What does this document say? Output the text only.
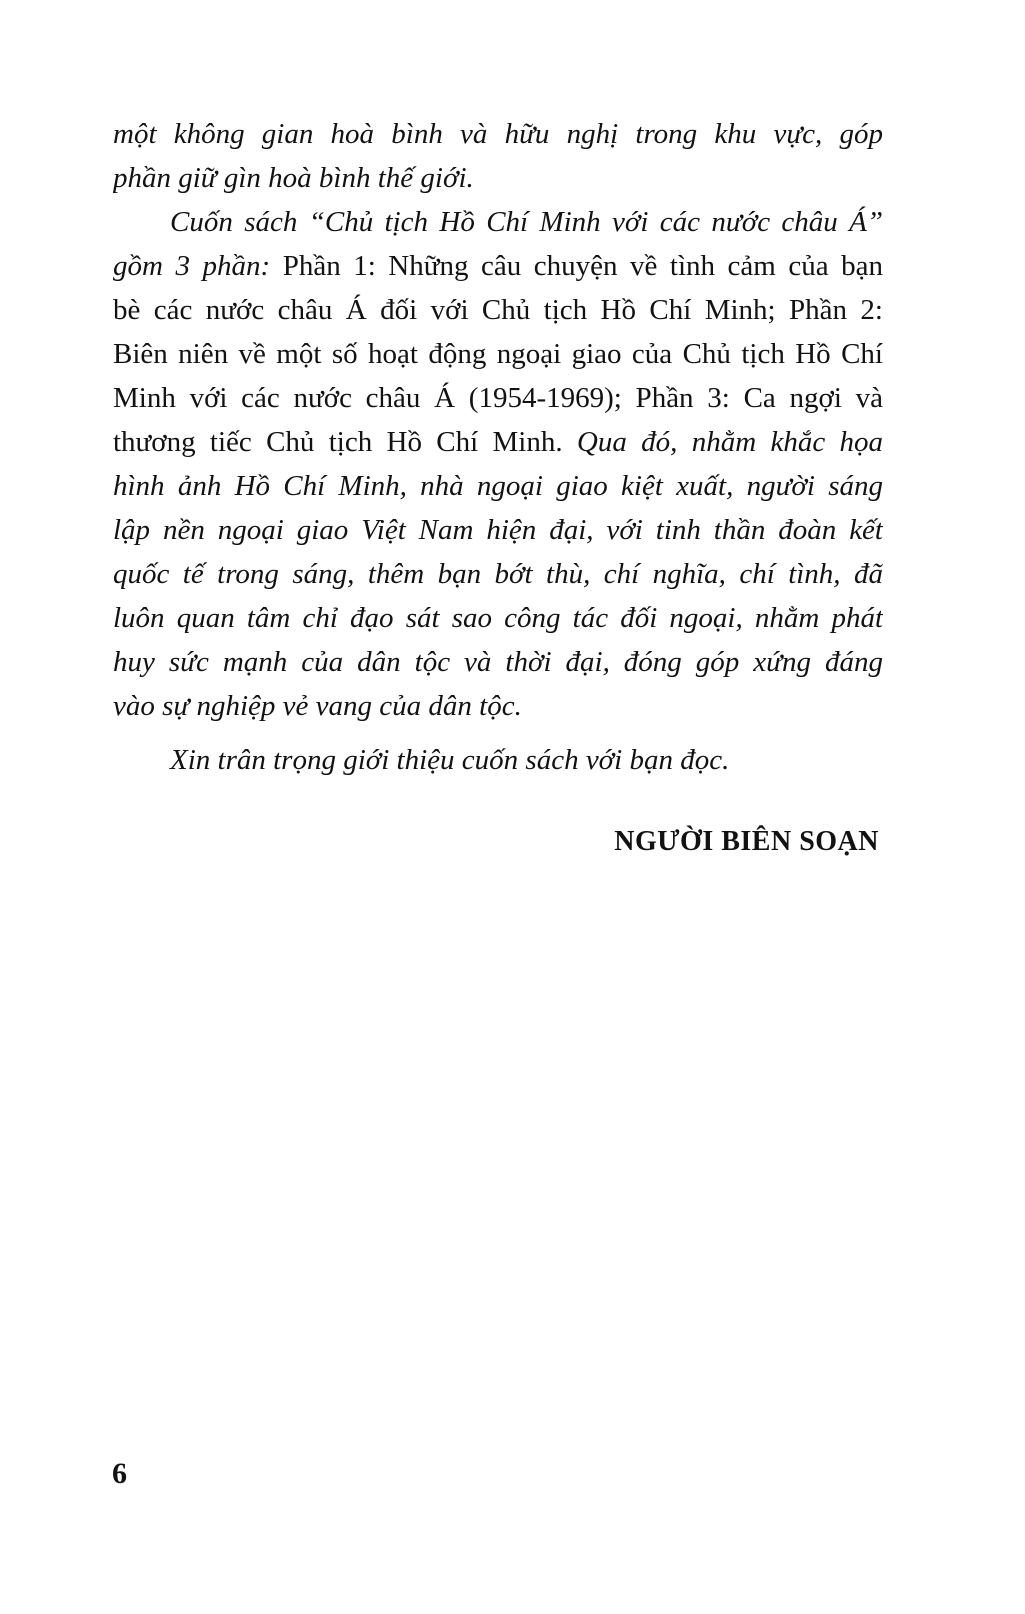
một không gian hoà bình và hữu nghị trong khu vực, góp

phần giữ gìn hoà bình thế giới.

Cuốn sách “Chủ tịch Hồ Chí Minh với các nước châu Á”

gồm 3 phần: Phần 1: Những câu chuyện về tình cảm của bạn

bè các nước châu Á đối với Chủ tịch Hồ Chí Minh; Phần 2:

Biên niên về một số hoạt động ngoại giao của Chủ tịch Hồ Chí

Minh với các nước châu Á (1954-1969); Phần 3: Ca ngợi và

thương tiếc Chủ tịch Hồ Chí Minh. Qua đó, nhằm khắc họa

hình ảnh Hồ Chí Minh, nhà ngoại giao kiệt xuất, người sáng

lập nền ngoại giao Việt Nam hiện đại, với tinh thần đoàn kết

quốc tế trong sáng, thêm bạn bớt thù, chí nghĩa, chí tình, đã

luôn quan tâm chỉ đạo sát sao công tác đối ngoại, nhằm phát

huy sức mạnh của dân tộc và thời đại, đóng góp xứng đáng

vào sự nghiệp vẻ vang của dân tộc.

Xin trân trọng giới thiệu cuốn sách với bạn đọc.

NGƯỜI BIÊN SOẠN
6
